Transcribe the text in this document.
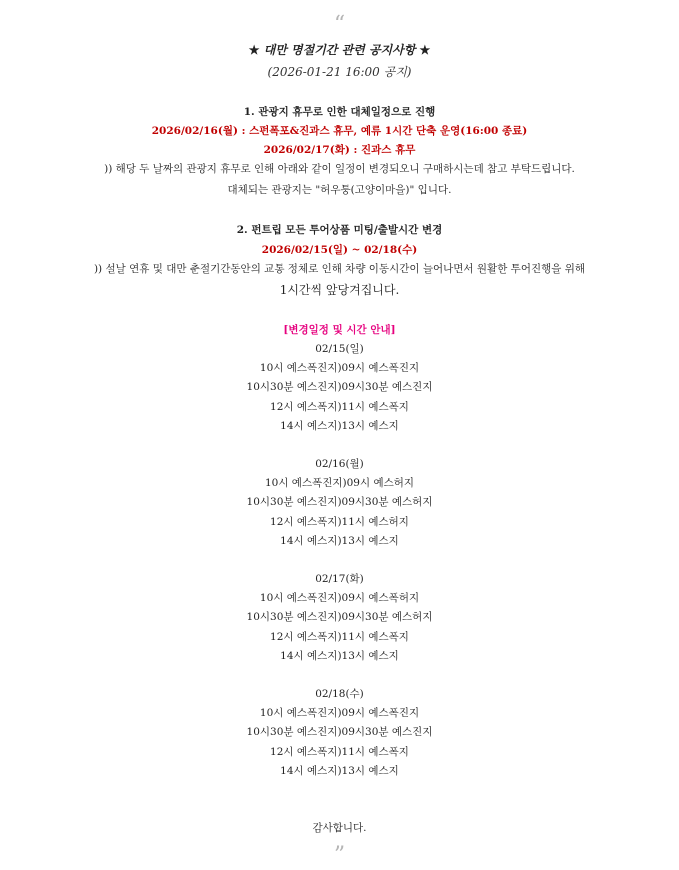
“
★ 대만 명절기간 관련 공지사항 ★
(2026-01-21 16:00 공지)
1. 관광지 휴무로 인한 대체일정으로 진행
2026/02/16(월) : 스펀폭포&진과스 휴무, 예류 1시간 단축 운영(16:00 종료)
2026/02/17(화) : 진과스 휴무
)) 해당 두 날짜의 관광지 휴무로 인해 아래와 같이 일정이 변경되오니 구매하시는데 참고 부탁드립니다.
대체되는 관광지는 "허우퉁(고양이마을)" 입니다.
2. 펀트립 모든 투어상품 미팅/출발시간 변경
2026/02/15(일) ~ 02/18(수)
)) 설날 연휴 및 대만 춘절기간동안의 교통 정체로 인해 차량 이동시간이 늘어나면서 원활한 투어진행을 위해
1시간씩 앞당겨집니다.
[변경일정 및 시간 안내]
02/15(일)
10시 예스폭진지)09시 예스폭진지
10시30분 예스진지)09시30분 예스진지
12시 예스폭지)11시 예스폭지
14시 예스지)13시 예스지
02/16(월)
10시 예스폭진지)09시 예스허지
10시30분 예스진지)09시30분 예스허지
12시 예스폭지)11시 예스허지
14시 예스지)13시 예스지
02/17(화)
10시 예스폭진지)09시 예스폭허지
10시30분 예스진지)09시30분 예스허지
12시 예스폭지)11시 예스폭지
14시 예스지)13시 예스지
02/18(수)
10시 예스폭진지)09시 예스폭진지
10시30분 예스진지)09시30분 예스진지
12시 예스폭지)11시 예스폭지
14시 예스지)13시 예스지
감사합니다.
”
